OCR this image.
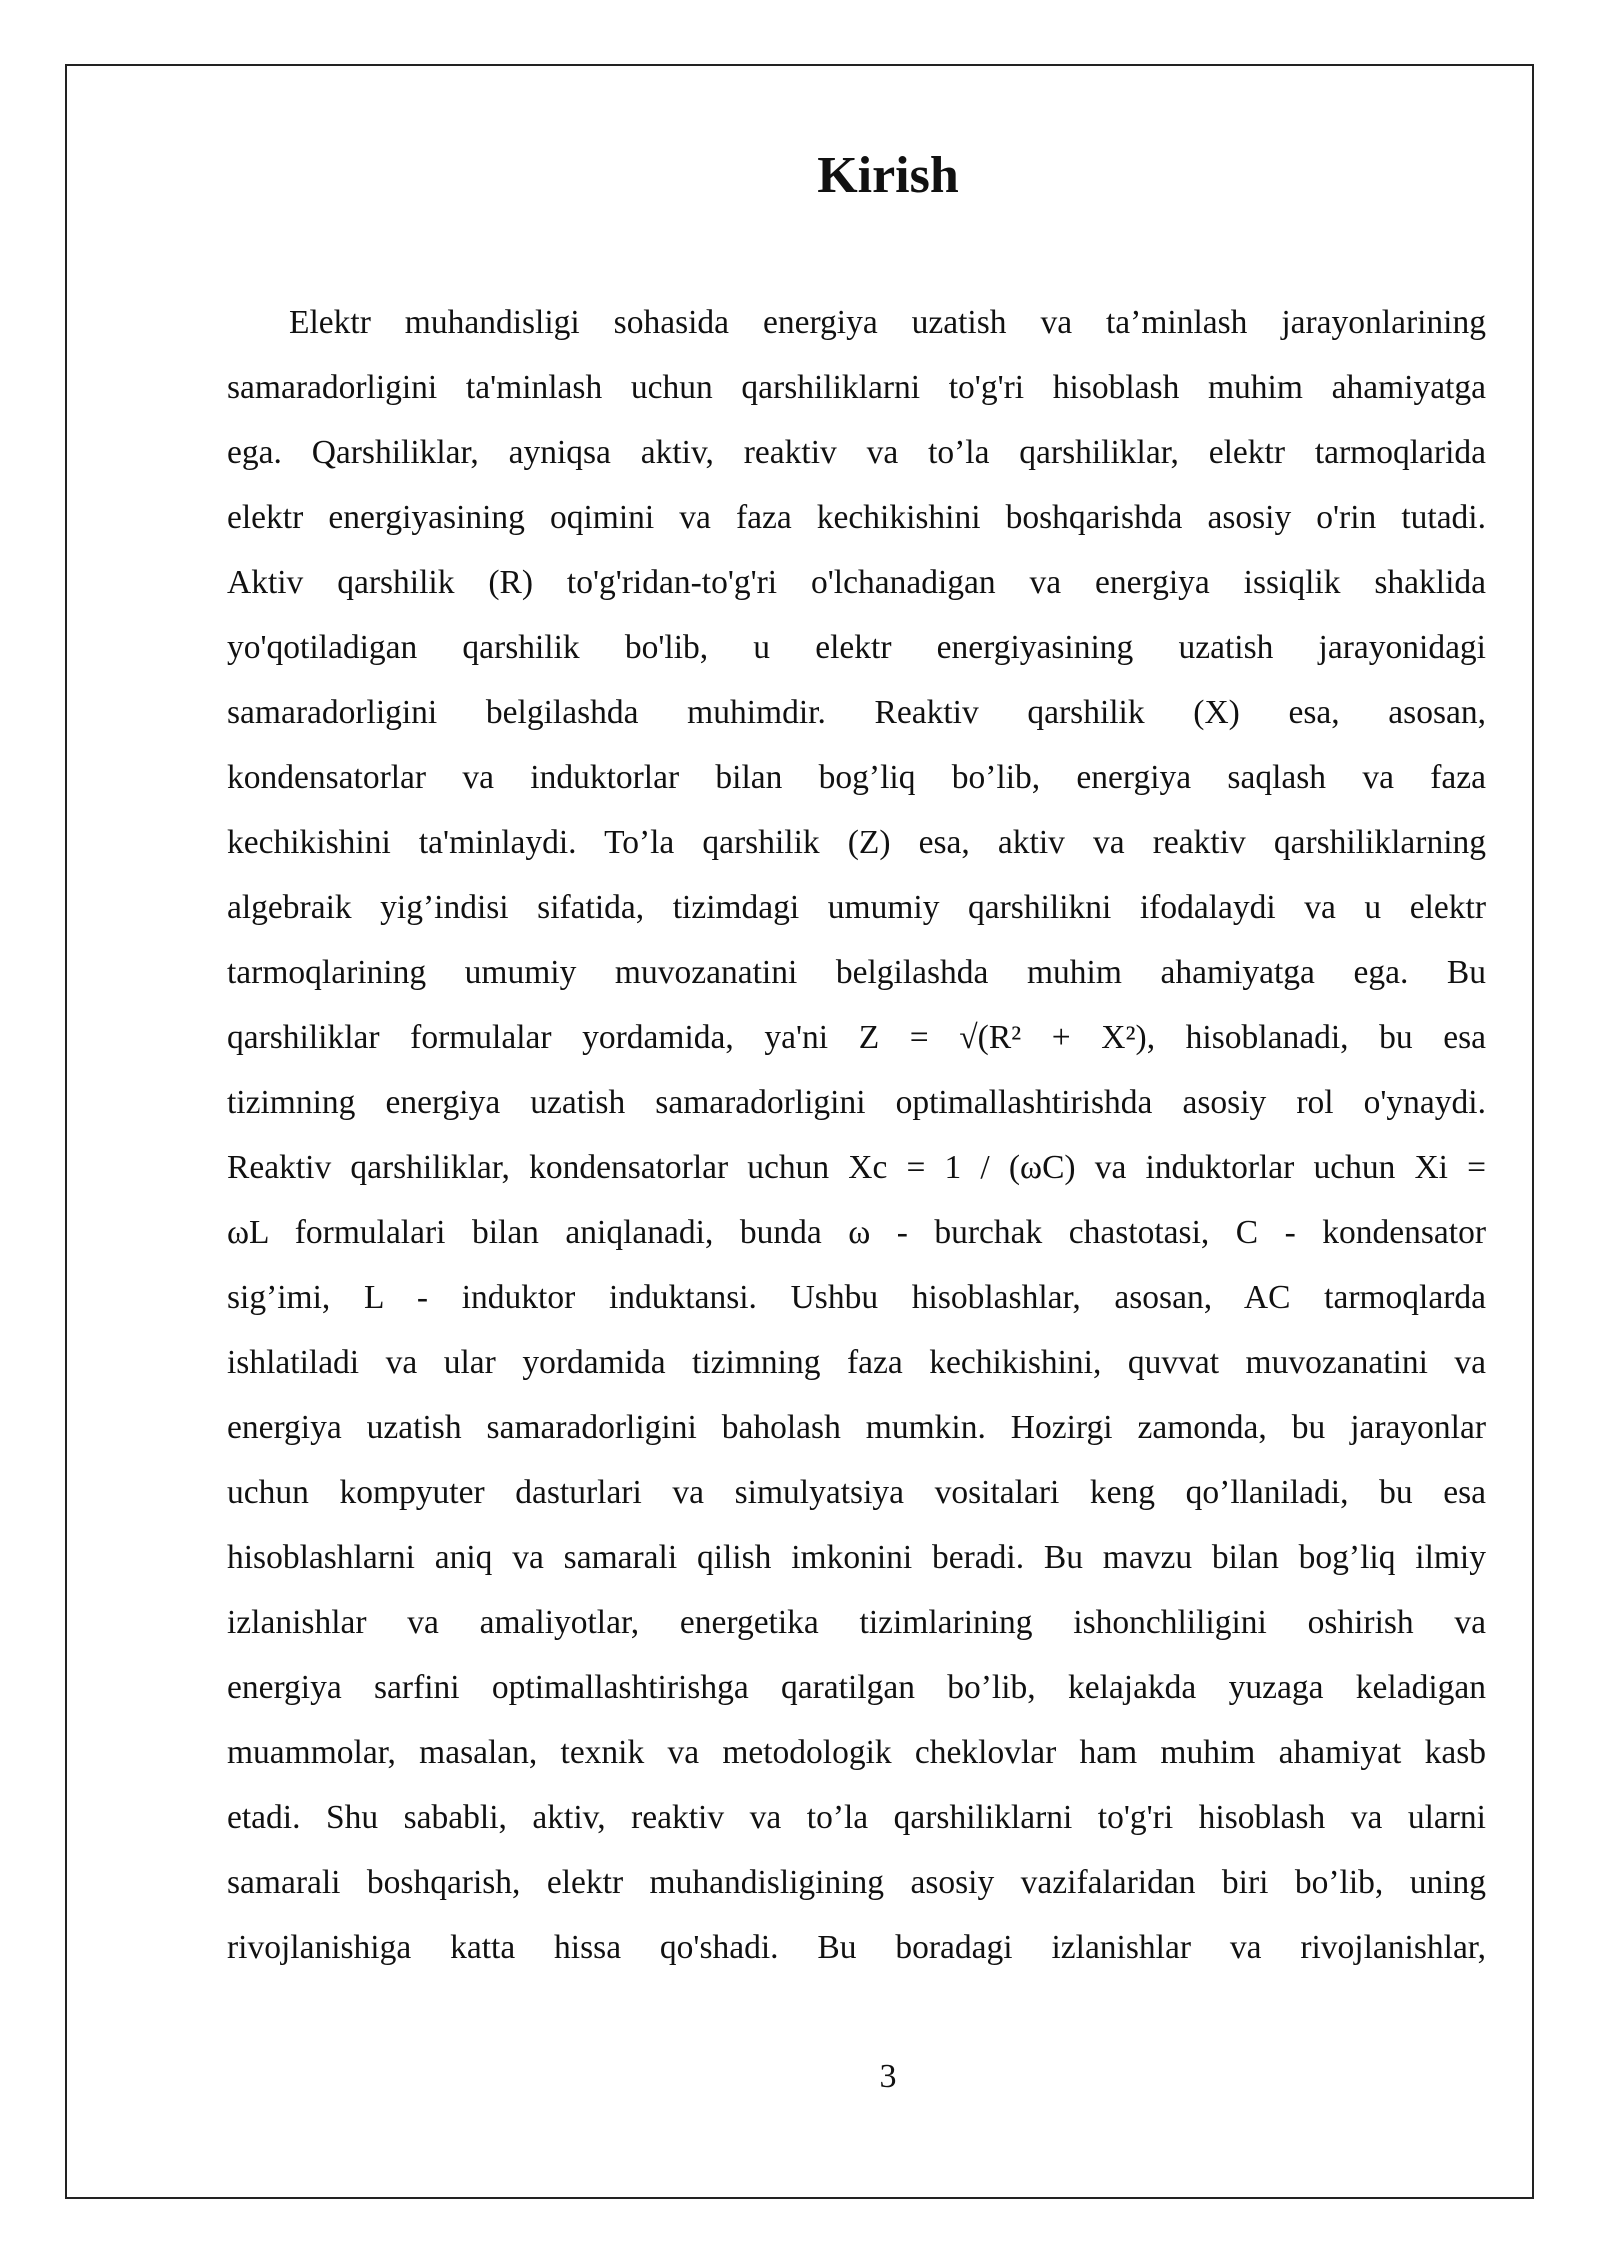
Kirish
Elektr muhandisligi sohasida energiya uzatish va ta’minlash jarayonlarining
samaradorligini ta'minlash uchun qarshiliklarni to'g'ri hisoblash muhim ahamiyatga
ega. Qarshiliklar, ayniqsa aktiv, reaktiv va to’la qarshiliklar, elektr tarmoqlarida
elektr energiyasining oqimini va faza kechikishini boshqarishda asosiy o'rin tutadi.
Aktiv qarshilik (R) to'g'ridan-to'g'ri o'lchanadigan va energiya issiqlik shaklida
yo'qotiladigan qarshilik bo'lib, u elektr energiyasining uzatish jarayonidagi
samaradorligini belgilashda muhimdir. Reaktiv qarshilik (X) esa, asosan,
kondensatorlar va induktorlar bilan bog’liq bo’lib, energiya saqlash va faza
kechikishini ta'minlaydi. To’la qarshilik (Z) esa, aktiv va reaktiv qarshiliklarning
algebraik yig’indisi sifatida, tizimdagi umumiy qarshilikni ifodalaydi va u elektr
tarmoqlarining umumiy muvozanatini belgilashda muhim ahamiyatga ega. Bu
qarshiliklar formulalar yordamida, ya'ni Z = √(R² + X²), hisoblanadi, bu esa
tizimning energiya uzatish samaradorligini optimallashtirishda asosiy rol o'ynaydi.
Reaktiv qarshiliklar, kondensatorlar uchun Xc = 1 / (ωC) va induktorlar uchun Xi =
ωL formulalari bilan aniqlanadi, bunda ω - burchak chastotasi, C - kondensator
sig’imi, L - induktor induktansi. Ushbu hisoblashlar, asosan, AC tarmoqlarda
ishlatiladi va ular yordamida tizimning faza kechikishini, quvvat muvozanatini va
energiya uzatish samaradorligini baholash mumkin. Hozirgi zamonda, bu jarayonlar
uchun kompyuter dasturlari va simulyatsiya vositalari keng qo’llaniladi, bu esa
hisoblashlarni aniq va samarali qilish imkonini beradi. Bu mavzu bilan bog’liq ilmiy
izlanishlar va amaliyotlar, energetika tizimlarining ishonchliligini oshirish va
energiya sarfini optimallashtirishga qaratilgan bo’lib, kelajakda yuzaga keladigan
muammolar, masalan, texnik va metodologik cheklovlar ham muhim ahamiyat kasb
etadi. Shu sababli, aktiv, reaktiv va to’la qarshiliklarni to'g'ri hisoblash va ularni
samarali boshqarish, elektr muhandisligining asosiy vazifalaridan biri bo’lib, uning
rivojlanishiga katta hissa qo'shadi. Bu boradagi izlanishlar va rivojlanishlar,
3
